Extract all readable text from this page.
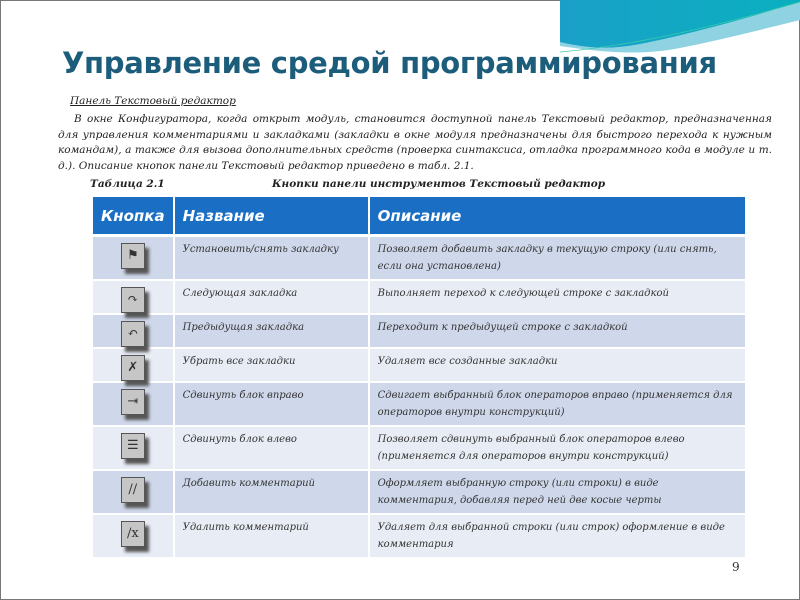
Управление средой программирования
Панель Текстовый редактор
В окне Конфигуратора, когда открыт модуль, становится доступной панель Текстовый редактор, предназначенная для управления комментариями и закладками (закладки в окне модуля предназначены для быстрого перехода к нужным командам), а также для вызова дополнительных средств (проверка синтаксиса, отладка программного кода в модуле и т. д.). Описание кнопок панели Текстовый редактор приведено в табл. 2.1.
Таблица 2.1	Кнопки панели инструментов Текстовый редактор
Кнопка	Название	Описание
⚑	Установить/снять закладку	Позволяет добавить закладку в текущую строку (или снять, если она установлена)
↷	Следующая закладка	Выполняет переход к следующей строке с закладкой
↶	Предыдущая закладка	Переходит к предыдущей строке с закладкой
✗	Убрать все закладки	Удаляет все созданные закладки
⇥	Сдвинуть блок вправо	Сдвигает выбранный блок операторов вправо (применяется для операторов внутри конструкций)
☰	Сдвинуть блок влево	Позволяет сдвинуть выбранный блок операторов влево (применяется для операторов внутри конструкций)
//	Добавить комментарий	Оформляет выбранную строку (или строки) в виде комментария, добавляя перед ней две косые черты
/x	Удалить комментарий	Удаляет для выбранной строки (или строк) оформление в виде комментария
9
